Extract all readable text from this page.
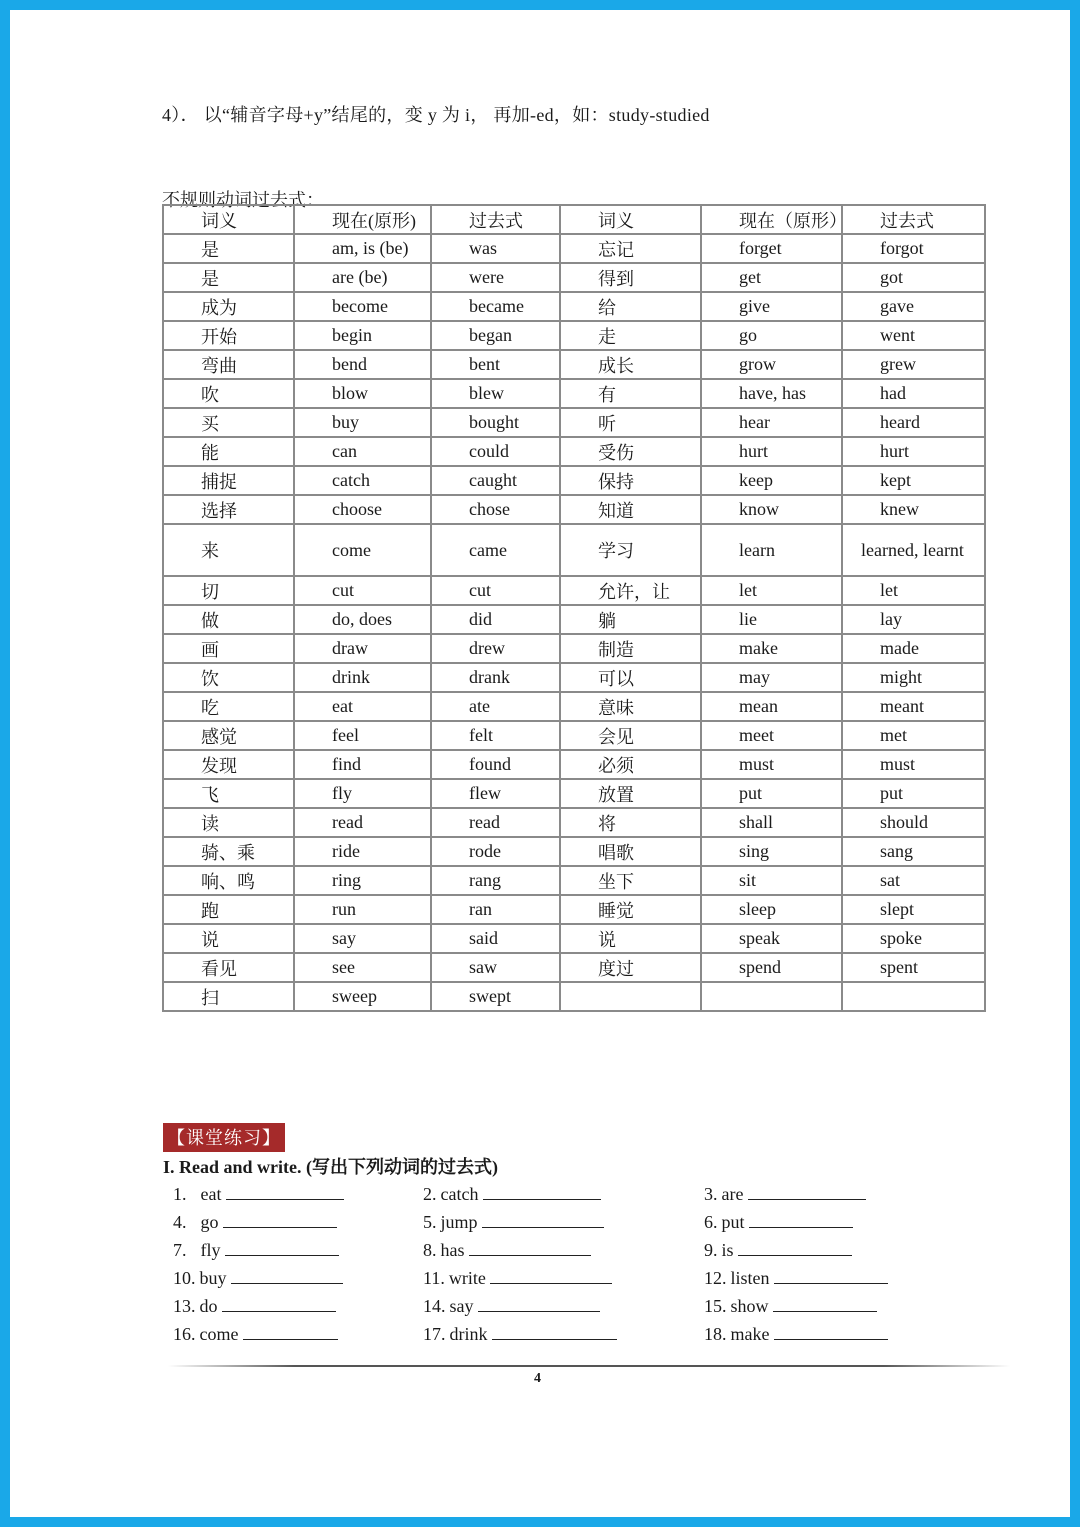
4）． 以“辅音字母+y”结尾的，变 y 为 i， 再加-ed，如：study-studied
不规则动词过去式：
词义	现在(原形)	过去式	词义	现在（原形）	过去式
是	am, is (be)	was	忘记	forget	forgot
是	are (be)	were	得到	get	got
成为	become	became	给	give	gave
开始	begin	began	走	go	went
弯曲	bend	bent	成长	grow	grew
吹	blow	blew	有	have, has	had
买	buy	bought	听	hear	heard
能	can	could	受伤	hurt	hurt
捕捉	catch	caught	保持	keep	kept
选择	choose	chose	知道	know	knew
来	come	came	学习	learn	learned, learnt
切	cut	cut	允许，让	let	let
做	do, does	did	躺	lie	lay
画	draw	drew	制造	make	made
饮	drink	drank	可以	may	might
吃	eat	ate	意味	mean	meant
感觉	feel	felt	会见	meet	met
发现	find	found	必须	must	must
飞	fly	flew	放置	put	put
读	read	read	将	shall	should
骑、乘	ride	rode	唱歌	sing	sang
响、鸣	ring	rang	坐下	sit	sat
跑	run	ran	睡觉	sleep	slept
说	say	said	说	speak	spoke
看见	see	saw	度过	spend	spent
扫	sweep	swept			
【课堂练习】
I. Read and write. (写出下列动词的过去式)
1. eat	2. catch	3. are
4. go	5. jump	6. put
7. fly	8. has	9. is
10. buy	11. write	12. listen
13. do	14. say	15. show
16. come	17. drink	18. make
4
